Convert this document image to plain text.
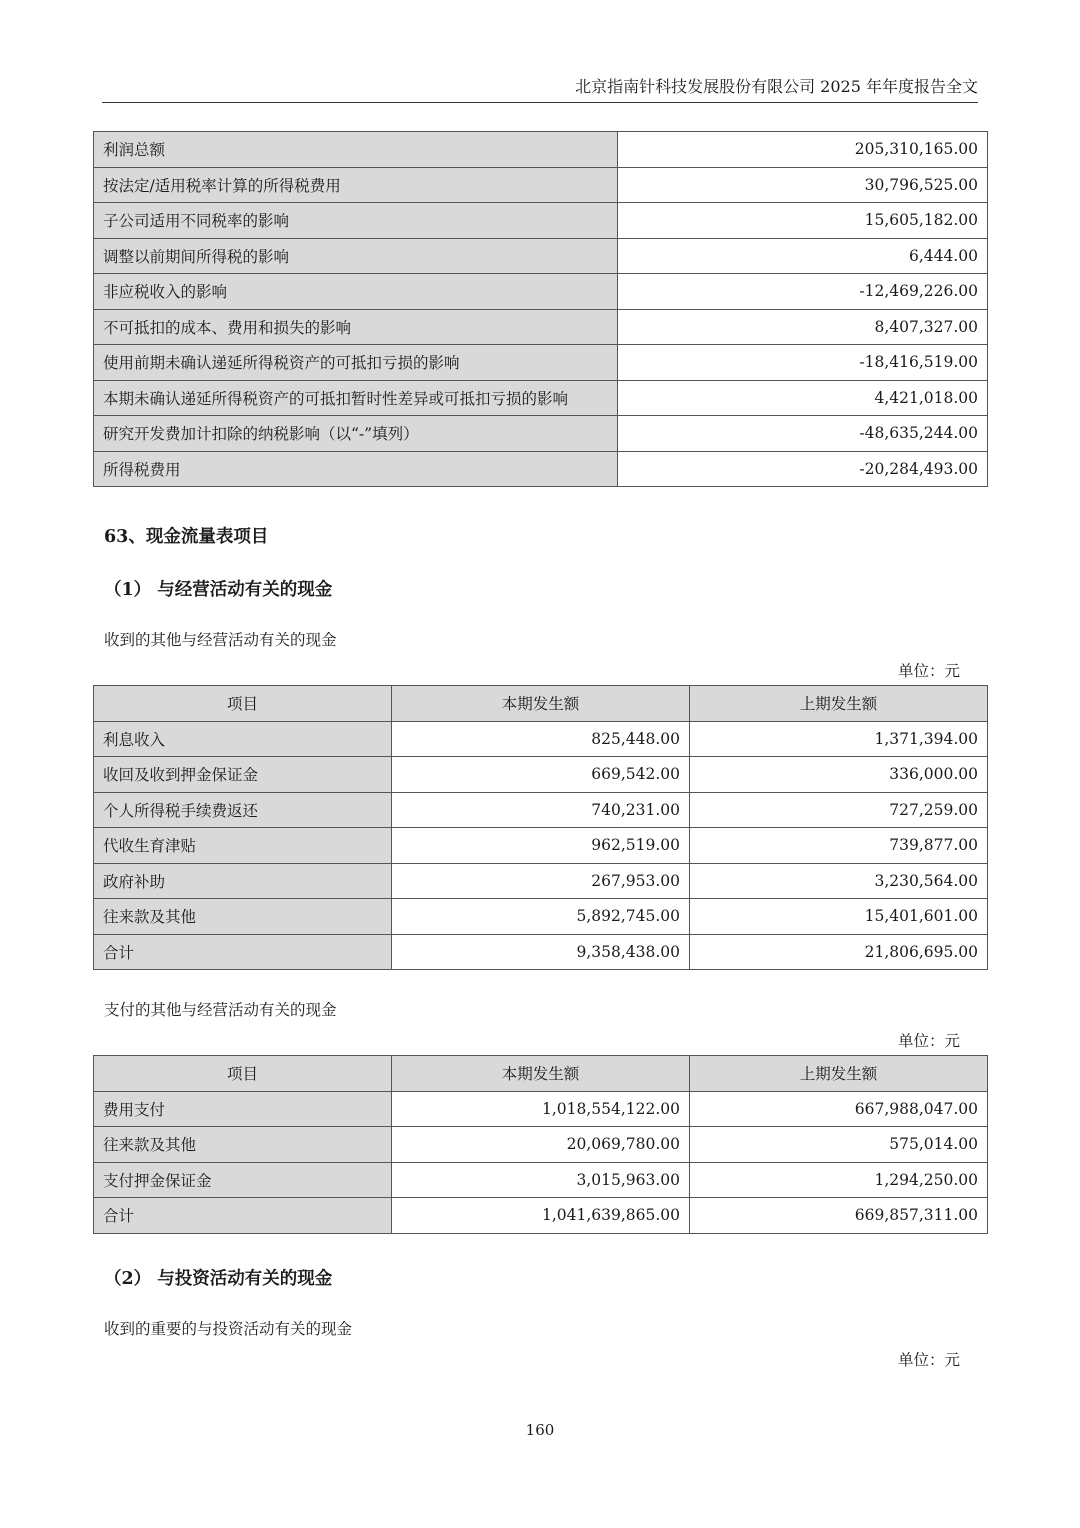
北京指南针科技发展股份有限公司 2025 年年度报告全文
利润总额	205,310,165.00
按法定/适用税率计算的所得税费用	30,796,525.00
子公司适用不同税率的影响	15,605,182.00
调整以前期间所得税的影响	6,444.00
非应税收入的影响	-12,469,226.00
不可抵扣的成本、费用和损失的影响	8,407,327.00
使用前期未确认递延所得税资产的可抵扣亏损的影响	-18,416,519.00
本期未确认递延所得税资产的可抵扣暂时性差异或可抵扣亏损的影响	4,421,018.00
研究开发费加计扣除的纳税影响（以“-”填列）	-48,635,244.00
所得税费用	-20,284,493.00
63、现金流量表项目
（1） 与经营活动有关的现金
收到的其他与经营活动有关的现金
单位：元
项目	本期发生额	上期发生额
利息收入	825,448.00	1,371,394.00
收回及收到押金保证金	669,542.00	336,000.00
个人所得税手续费返还	740,231.00	727,259.00
代收生育津贴	962,519.00	739,877.00
政府补助	267,953.00	3,230,564.00
往来款及其他	5,892,745.00	15,401,601.00
合计	9,358,438.00	21,806,695.00
支付的其他与经营活动有关的现金
单位：元
项目	本期发生额	上期发生额
费用支付	1,018,554,122.00	667,988,047.00
往来款及其他	20,069,780.00	575,014.00
支付押金保证金	3,015,963.00	1,294,250.00
合计	1,041,639,865.00	669,857,311.00
（2） 与投资活动有关的现金
收到的重要的与投资活动有关的现金
单位：元
160
